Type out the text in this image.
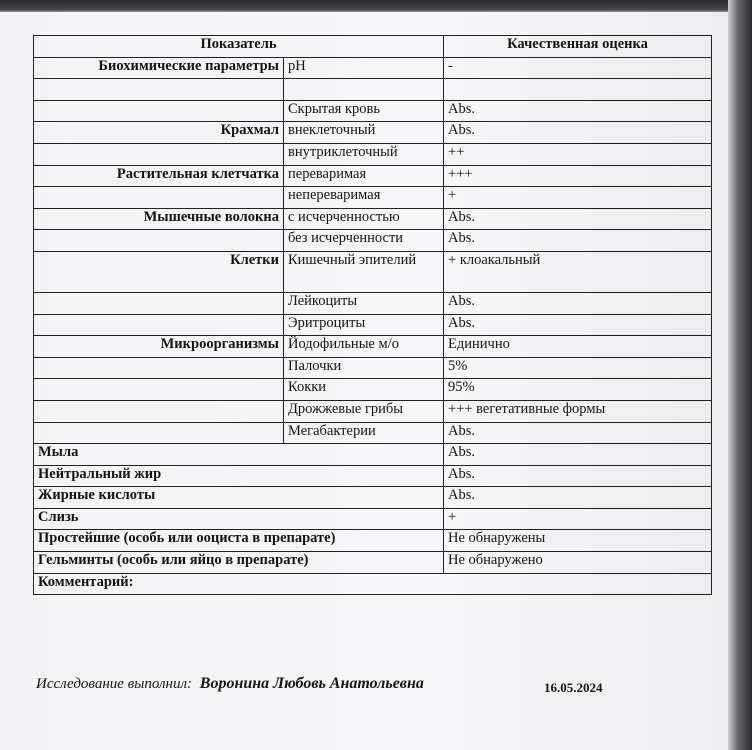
Показатель		Качественная оценка
Биохимические параметры	pH	-

	Скрытая кровь	Abs.
Крахмал	внеклеточный	Abs.
	внутриклеточный	++
Растительная клетчатка	переваримая	+++
	непереваримая	+
Мышечные волокна	с исчерченностью	Abs.
	без исчерченности	Abs.
Клетки	Кишечный эпителий	+ клоакальный
	Лейкоциты	Abs.
	Эритроциты	Abs.
Микроорганизмы	Йодофильные м/о	Единично
	Палочки	5%
	Кокки	95%
	Дрожжевые грибы	+++ вегетативные формы
	Мегабактерии	Abs.
Мыла		Abs.
Нейтральный жир		Abs.
Жирные кислоты		Abs.
Слизь		+
Простейшие (особь или ооциста в препарате)		Не обнаружены
Гельминты (особь или яйцо в препарате)		Не обнаружено
Комментарий:		
Исследование выполнил: Воронина Любовь Анатольевна	16.05.2024
